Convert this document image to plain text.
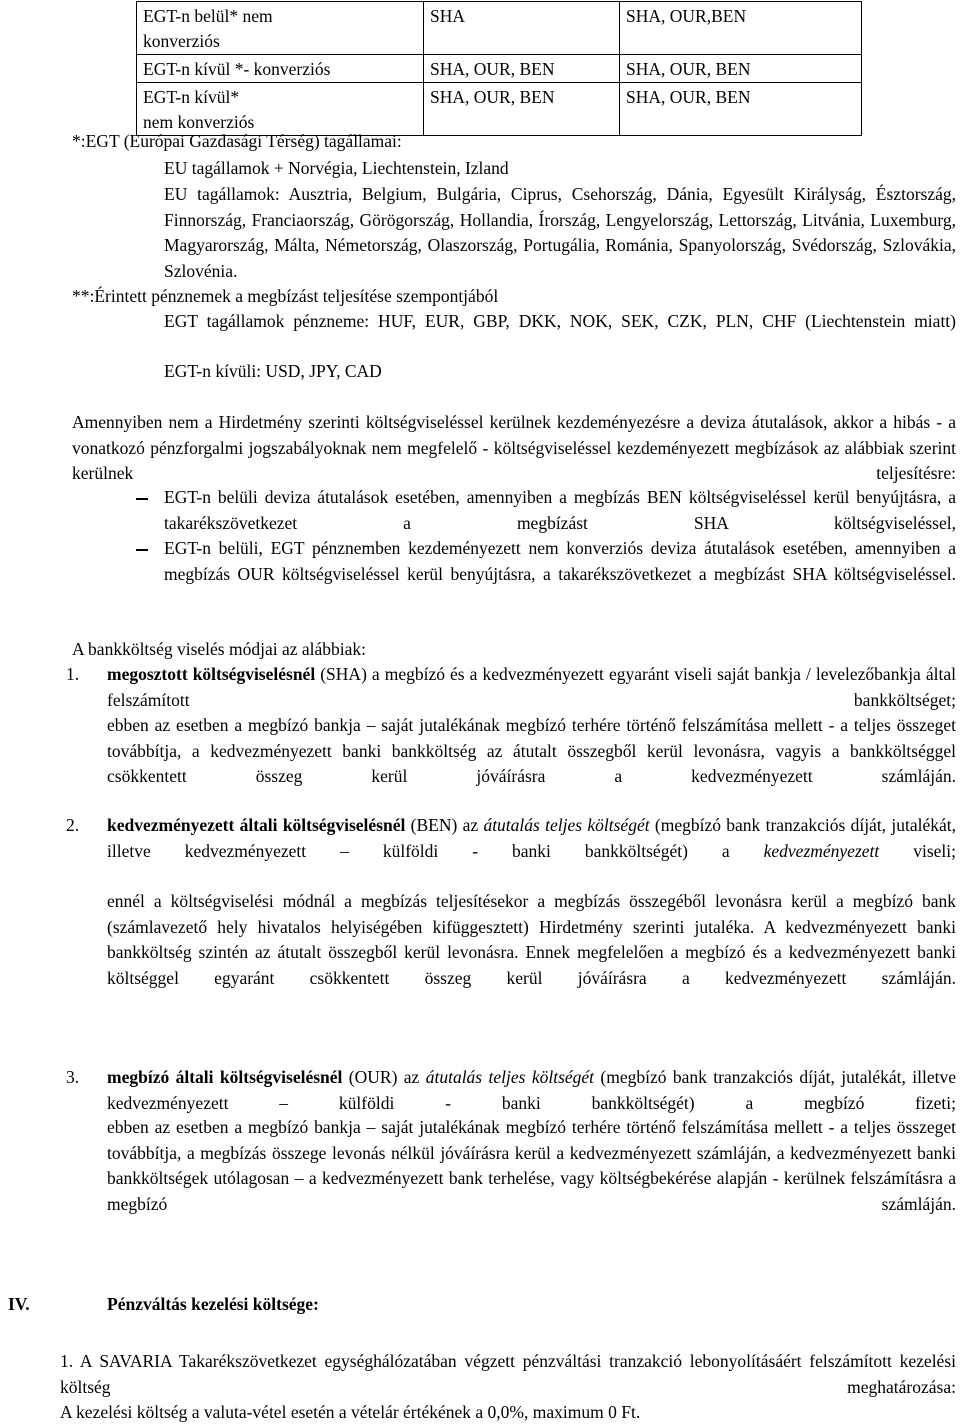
EGT-n belül* nem konverziós	SHA	SHA, OUR,BEN
EGT-n kívül *- konverziós	SHA, OUR, BEN	SHA, OUR, BEN
EGT-n kívül* nem konverziós	SHA, OUR, BEN	SHA, OUR, BEN
*:EGT (Európai Gazdasági Térség) tagállamai:
EU tagállamok + Norvégia, Liechtenstein, Izland
EU tagállamok: Ausztria, Belgium, Bulgária, Ciprus, Csehország, Dánia, Egyesült Királyság, Észtország, Finnország, Franciaország, Görögország, Hollandia, Írország, Lengyelország, Lettország, Litvánia, Luxemburg, Magyarország, Málta, Németország, Olaszország, Portugália, Románia, Spanyolország, Svédország, Szlovákia, Szlovénia.
**:Érintett pénznemek a megbízást teljesítése szempontjából
EGT tagállamok pénzneme: HUF, EUR, GBP, DKK, NOK, SEK, CZK, PLN, CHF (Liechtenstein miatt)
EGT-n kívüli: USD, JPY, CAD
Amennyiben nem a Hirdetmény szerinti költségviseléssel kerülnek kezdeményezésre a deviza átutalások, akkor a hibás - a vonatkozó pénzforgalmi jogszabályoknak nem megfelelő - költségviseléssel kezdeményezett megbízások az alábbiak szerint kerülnek teljesítésre:
EGT-n belüli deviza átutalások esetében, amennyiben a megbízás BEN költségviseléssel kerül benyújtásra, a takarékszövetkezet a megbízást SHA költségviseléssel,
EGT-n belüli, EGT pénznemben kezdeményezett nem konverziós deviza átutalások esetében, amennyiben a megbízás OUR költségviseléssel kerül benyújtásra, a takarékszövetkezet a megbízást SHA költségviseléssel.
A bankköltség viselés módjai az alábbiak:
1. megosztott költségviselésnél (SHA) a megbízó és a kedvezményezett egyaránt viseli saját bankja / levelezőbankja által felszámított bankköltséget;
ebben az esetben a megbízó bankja – saját jutalékának megbízó terhére történő felszámítása mellett - a teljes összeget továbbítja, a kedvezményezett banki bankköltség az átutalt összegből kerül levonásra, vagyis a bankköltséggel csökkentett összeg kerül jóváírásra a kedvezményezett számláján.
2. kedvezményezett általi költségviselésnél (BEN) az átutalás teljes költségét (megbízó bank tranzakciós díját, jutalékát, illetve kedvezményezett – külföldi - banki bankköltségét) a kedvezményezett viseli;
ennél a költségviselési módnál a megbízás teljesítésekor a megbízás összegéből levonásra kerül a megbízó bank (számlavezető hely hivatalos helyiségében kifüggesztett) Hirdetmény szerinti jutaléka. A kedvezményezett banki bankköltség szintén az átutalt összegből kerül levonásra. Ennek megfelelően a megbízó és a kedvezményezett banki költséggel egyaránt csökkentett összeg kerül jóváírásra a kedvezményezett számláján.
3. megbízó általi költségviselésnél (OUR) az átutalás teljes költségét (megbízó bank tranzakciós díját, jutalékát, illetve kedvezményezett – külföldi - banki bankköltségét) a megbízó fizeti;
ebben az esetben a megbízó bankja – saját jutalékának megbízó terhére történő felszámítása mellett - a teljes összeget továbbítja, a megbízás összege levonás nélkül jóváírásra kerül a kedvezményezett számláján, a kedvezményezett banki bankköltségek utólagosan – a kedvezményezett bank terhelése, vagy költségbekérése alapján - kerülnek felszámításra a megbízó számláján.
IV.	Pénzváltás kezelési költsége:
1. A SAVARIA Takarékszövetkezet egységhálózatában végzett pénzváltási tranzakció lebonyolításáért felszámított kezelési költség meghatározása:
A kezelési költség a valuta-vétel esetén a vételár értékének a 0,0%, maximum 0 Ft.
